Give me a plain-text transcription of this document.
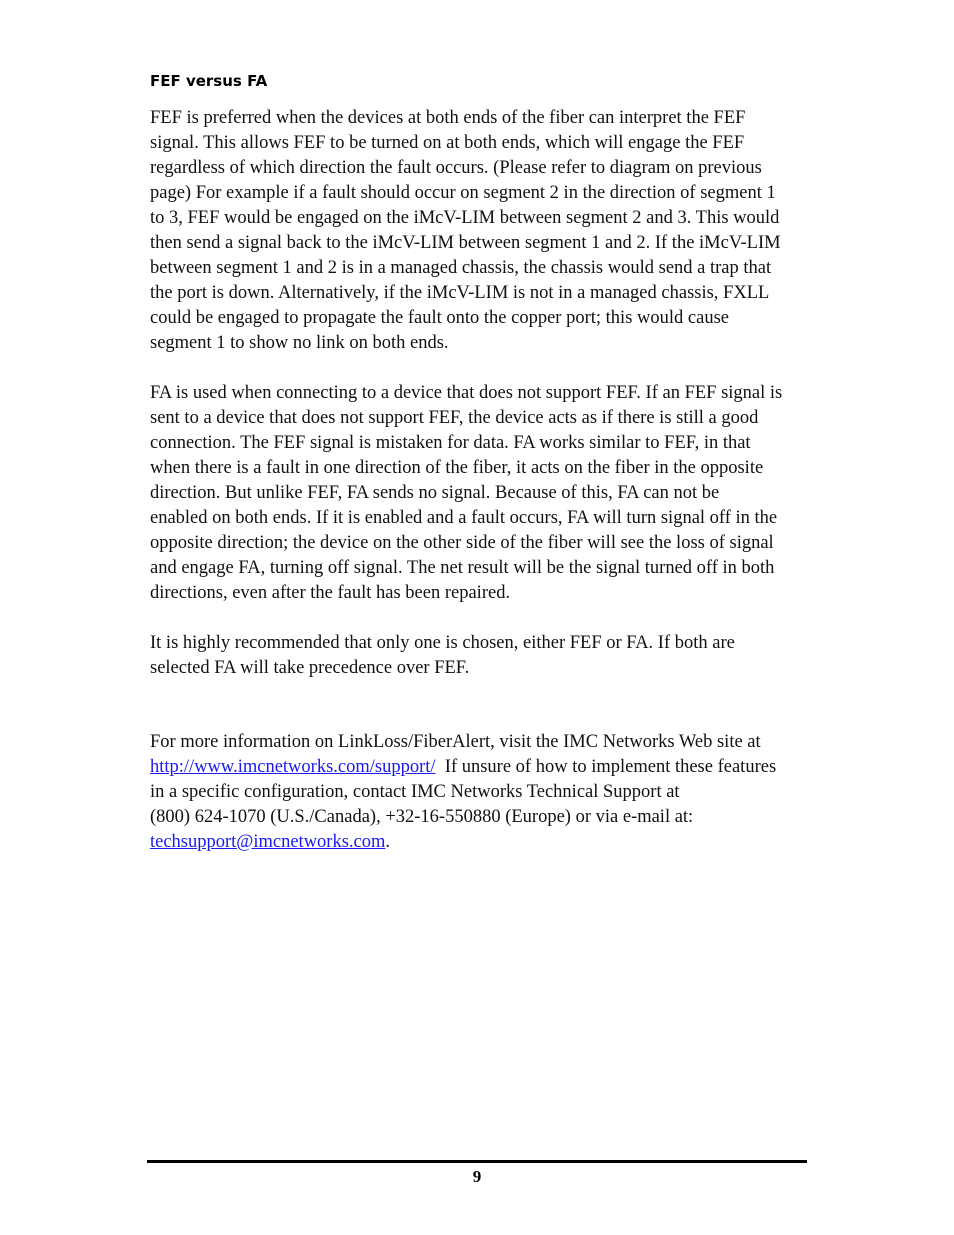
FEF versus FA
FEF is preferred when the devices at both ends of the fiber can interpret the FEF
signal. This allows FEF to be turned on at both ends, which will engage the FEF
regardless of which direction the fault occurs. (Please refer to diagram on previous
page) For example if a fault should occur on segment 2 in the direction of segment 1
to 3, FEF would be engaged on the iMcV-LIM between segment 2 and 3. This would
then send a signal back to the iMcV-LIM between segment 1 and 2. If the iMcV-LIM
between segment 1 and 2 is in a managed chassis, the chassis would send a trap that
the port is down. Alternatively, if the iMcV-LIM is not in a managed chassis, FXLL
could be engaged to propagate the fault onto the copper port; this would cause
segment 1 to show no link on both ends.
FA is used when connecting to a device that does not support FEF. If an FEF signal is
sent to a device that does not support FEF, the device acts as if there is still a good
connection. The FEF signal is mistaken for data. FA works similar to FEF, in that
when there is a fault in one direction of the fiber, it acts on the fiber in the opposite
direction. But unlike FEF, FA sends no signal. Because of this, FA can not be
enabled on both ends. If it is enabled and a fault occurs, FA will turn signal off in the
opposite direction; the device on the other side of the fiber will see the loss of signal
and engage FA, turning off signal. The net result will be the signal turned off in both
directions, even after the fault has been repaired.
It is highly recommended that only one is chosen, either FEF or FA. If both are
selected FA will take precedence over FEF.
For more information on LinkLoss/FiberAlert, visit the IMC Networks Web site at
http://www.imcnetworks.com/support/  If unsure of how to implement these features
in a specific configuration, contact IMC Networks Technical Support at
(800) 624-1070 (U.S./Canada), +32-16-550880 (Europe) or via e-mail at:
techsupport@imcnetworks.com.
9
